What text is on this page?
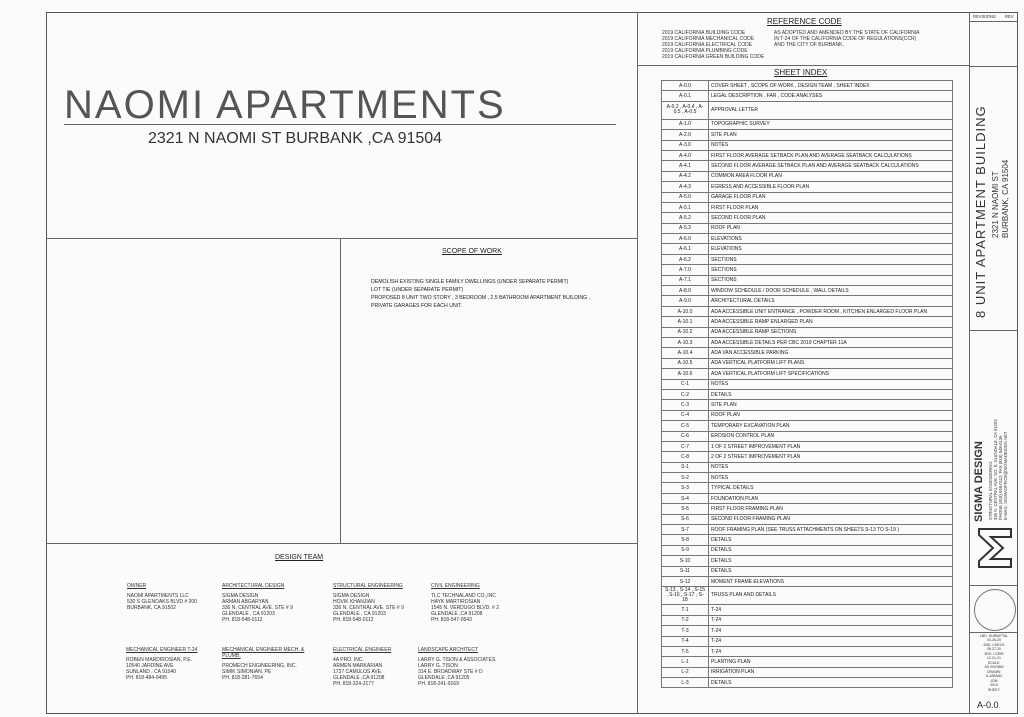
NAOMI APARTMENTS
2321 N NAOMI ST BURBANK ,CA 91504
REFERENCE CODE
2019 CALIFORNIA BUILDING CODE
2019 CALIFORNIA MECHANICAL CODE
2019 CALIFORNIA ELECTRICAL CODE
2019 CALIFORNIA PLUMBING CODE
2019 CALIFORNIA GREEN BUILDING CODE
AS ADOPTED AND AMENDED BY THE STATE OF CALIFORNIA
IN T-24 OF THE CALIFORNIA CODE OF REGULATIONS(CCR)
AND THE CITY OF BURBANK.
SHEET INDEX
A-0.0	COVER SHEET , SCOPE OF WORK , DESIGN TEAM , SHEET INDEX
A-0.1	LEGAL DESCRIPTION , FAR , CODE ANALYSES
A-0.2 , A-0.4 , A-0.5 , A-0.5	APPROVAL LETTER
A-1.0	TOPOGRAPHIC SURVEY
A-2.0	SITE PLAN
A-3.0	NOTES
A-4.0	FIRST FLOOR AVERAGE SETBACK PLAN AND AVERAGE SEATBACK CALCULATIONS
A-4.1	SECOND FLOOR AVERAGE SETBACK PLAN AND AVERAGE SEATBACK CALCULATIONS
A-4.2	COMMON AREA FLOOR PLAN
A-4.3	EGRESS AND ACCESSIBLE FLOOR PLAN
A-5.0	GARAGE FLOOR PLAN
A-5.1	FIRST FLOOR PLAN
A-5.2	SECOND FLOOR PLAN
A-5.3	ROOF PLAN
A-6.0	ELEVATIONS
A-6.1	ELEVATIONS
A-6.2	SECTIONS
A-7.0	SECTIONS
A-7.1	SECTIONS
A-8.0	WINDOW SCHEDULE / DOOR SCHEDULE , WALL DETAILS
A-9.0	ARCHITECTURAL DETAILS
A-10.0	ADA ACCESSIBLE UNIT ENTRANCE , POWDER ROOM , KITCHEN ENLARGED FLOOR PLAN
A-10.1	ADA ACCESSIBLE RAMP ENLARGED PLAN
A-10.2	ADA ACCESSIBLE RAMP SECTIONS
A-10.3	ADA ACCESSIBLE DETAILS PER CBC 2019 CHAPTER 11A
A-10.4	ADA VAN ACCESSIBLE PARKING
A-10.5	ADA VERTICAL PLATFORM LIFT PLANS
A-10.6	ADA VERTICAL PLATFORM LIFT SPECIFICATIONS
C-1	NOTES
C-2	DETAILS
C-3	SITE PLAN
C-4	ROOF PLAN
C-5	TEMPORARY EXCAVATION PLAN
C-6	EROSION CONTROL PLAN
C-7	1 OF 2 STREET IMPROVEMENT PLAN
C-8	2 OF 2 STREET IMPROVEMENT PLAN
S-1	NOTES
S-2	NOTES
S-3	TYPICAL DETAILS
S-4	FOUNDATION PLAN
S-5	FIRST FLOOR FRAMING PLAN
S-6	SECOND FLOOR FRAMING PLAN
S-7	ROOF FRAMING PLAN (SEE TRUSS ATTACHMENTS ON SHEETS S-13 TO S-19 )
S-8	DETAILS
S-9	DETAILS
S-10	DETAILS
S-11	DETAILS
S-12	MOMENT FRAME ELEVATIONS
S-13 , S-14 , S-15 , S-16 , S-17 , S-18	TRUSS PLAN AND DETAILS
T-1	T-24
T-2	T-24
T-3	T-24
T-4	T-24
T-5	T-24
L-1	PLANTING PLAN
L-2	IRRIGATION PLAN
L-3	DETAILS
SCOPE OF WORK
DEMOLISH EXISTING SINGLE FAMILY DWELLINGS (UNDER SEPARATE PERMIT)
LOT TIE (UNDER SEPARATE PERMIT)
PROPOSED 8 UNIT TWO STORY , 3 BEDROOM , 2.5 BATHROOM APARTMENT BUILDING ,
PRIVATE GARAGES FOR EACH UNIT.
DESIGN TEAM
OWNER
NAOMI APARTMENTS LLC
530 S GLENOAKS BLVD # 200
BURBANK, CA 91502
ARCHITECTURAL DESIGN
SIGMA DESIGN
ARMAN ABGARYAN
336 N. CENTRAL AVE. STE # 9
GLENDALE , CA 91203
PH. 818-548-0112
STRUCTURAL ENGINEERING
SIGMA DESIGN
HOVIK KHANJIAN
336 N. CENTRAL AVE. STE # 9
GLENDALE , CA 91203
PH. 818-548-0112
CIVIL ENGINEERING
TLC TECHNALAND CO.,INC
HAYK MARTIROSIAN
1545 N. VERDUGO BLVD. # 2
GLENDALE ,CA 91208
PH. 818-547-0543
MECHANICAL ENGINEER T-24
ROBEN MARDIROSIAN, P.E.
10540 JARDINE AVE
SUNLAND , CA 91040
PH. 818-484-0495
MECHANICAL ENGINEER MECH. & PLUMB.
PROMECH ENGINEERING, INC.
SIMIK SIMONIAN, PE
PH. 818-281-7654
ELECTRICAL ENGINEER
4A PRO. INC.
ARMEN MARKARIAN
1737 CAMULOS AVE.
GLENDALE ,CA 91208
PH. 818-324-3177
LANDSCAPE ARCHITECT
LARRY G. TISON & ASSOCIATES.
LARRY G. TISON
314 E. BROADWAY STE # D
GLENDALE ,CA 91205
PH. 818-241-9169
REVISIONS REV
8 UNIT APARTMENT BUILDING 2321 N NAOMI ST BURBANK, CA 91504
SIGMA DESIGN STRUCTURAL ENGINEERING 336 N. CENTRAL AVE. NO. 9, GLENDALE, CA 91203 PHONE (818) 548-0112, FAX (818) 548-0136 E-MAIL: SIGMAOFFICE@SIGMADESIGN.NET
1ND. SUBMITTAL
03-26-20
2ND. CHECK
08-27-20
3RD. CORR
12-01-21
SCALE:
AS SHOWN
DRAWN:
A.ARMAN
JOB:
2019
SHEET:
A-0.0
